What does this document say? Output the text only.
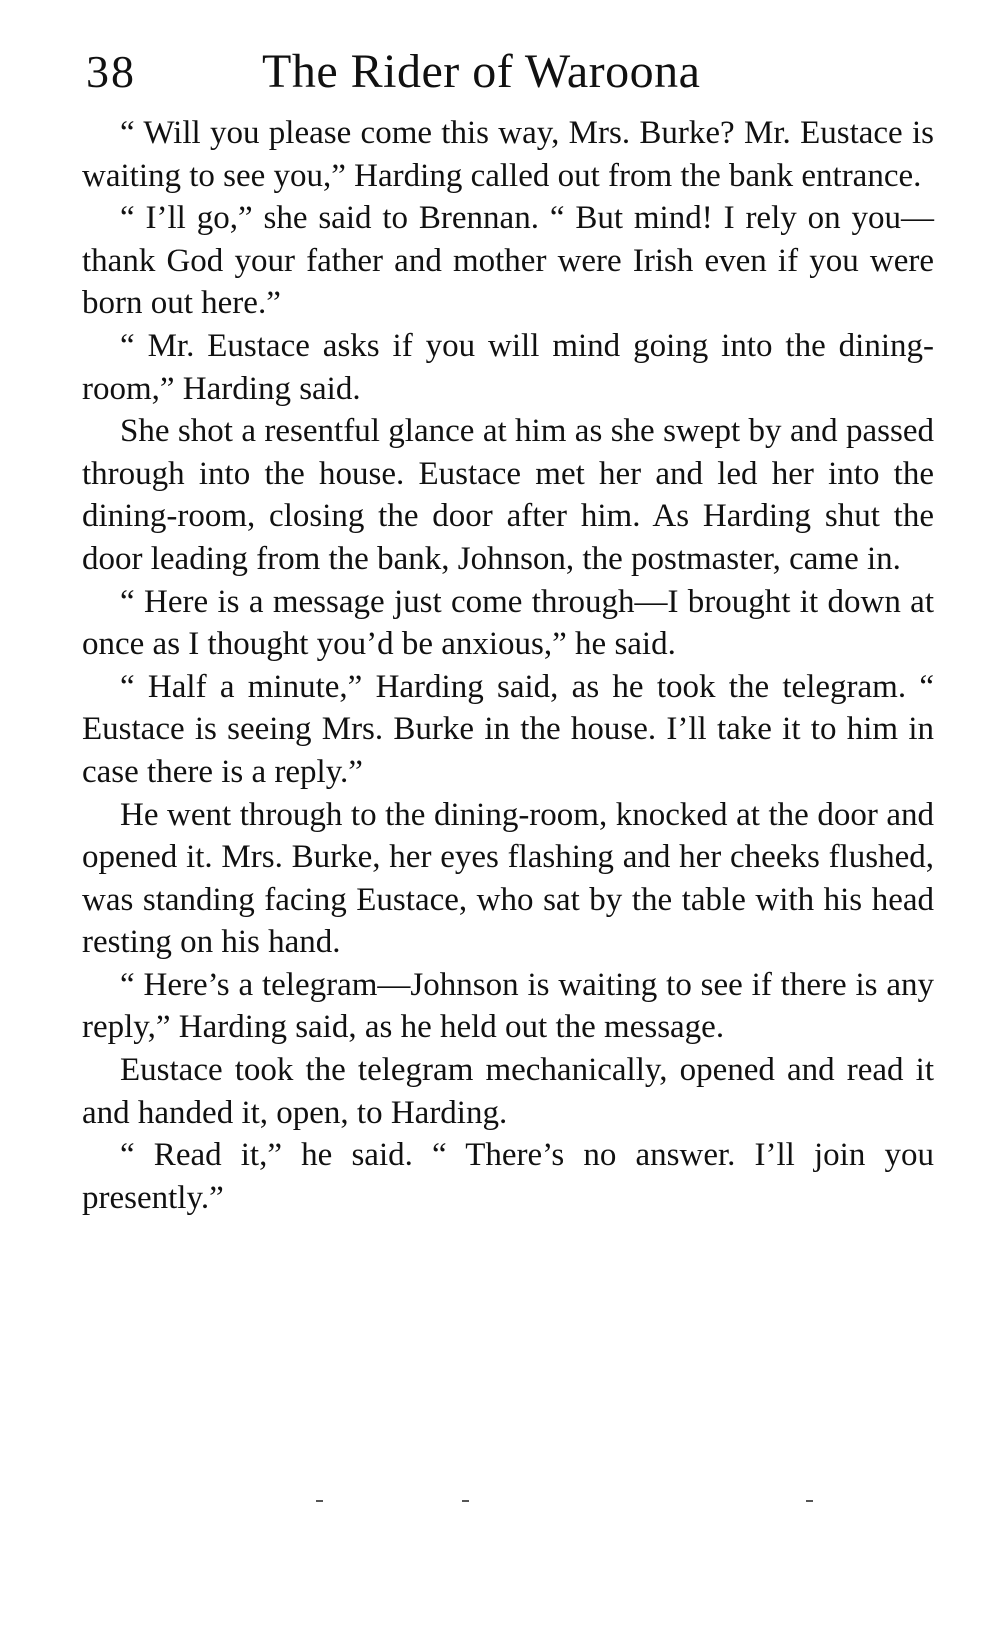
38	The Rider of Waroona

“ Will you please come this way, Mrs. Burke? Mr. Eustace is waiting to see you,” Harding called out from the bank entrance.

“ I’ll go,” she said to Brennan. “ But mind! I rely on you—thank God your father and mother were Irish even if you were born out here.”

“ Mr. Eustace asks if you will mind going into the dining-room,” Harding said.

She shot a resentful glance at him as she swept by and passed through into the house. Eustace met her and led her into the dining-room, closing the door after him. As Harding shut the door leading from the bank, Johnson, the postmaster, came in.

“ Here is a message just come through—I brought it down at once as I thought you’d be anxious,” he said.

“ Half a minute,” Harding said, as he took the telegram. “ Eustace is seeing Mrs. Burke in the house. I’ll take it to him in case there is a reply.”

He went through to the dining-room, knocked at the door and opened it. Mrs. Burke, her eyes flashing and her cheeks flushed, was standing facing Eustace, who sat by the table with his head resting on his hand.

“ Here’s a telegram—Johnson is waiting to see if there is any reply,” Harding said, as he held out the message.

Eustace took the telegram mechanically, opened and read it and handed it, open, to Harding.

“ Read it,” he said. “ There’s no answer. I’ll join you presently.”
